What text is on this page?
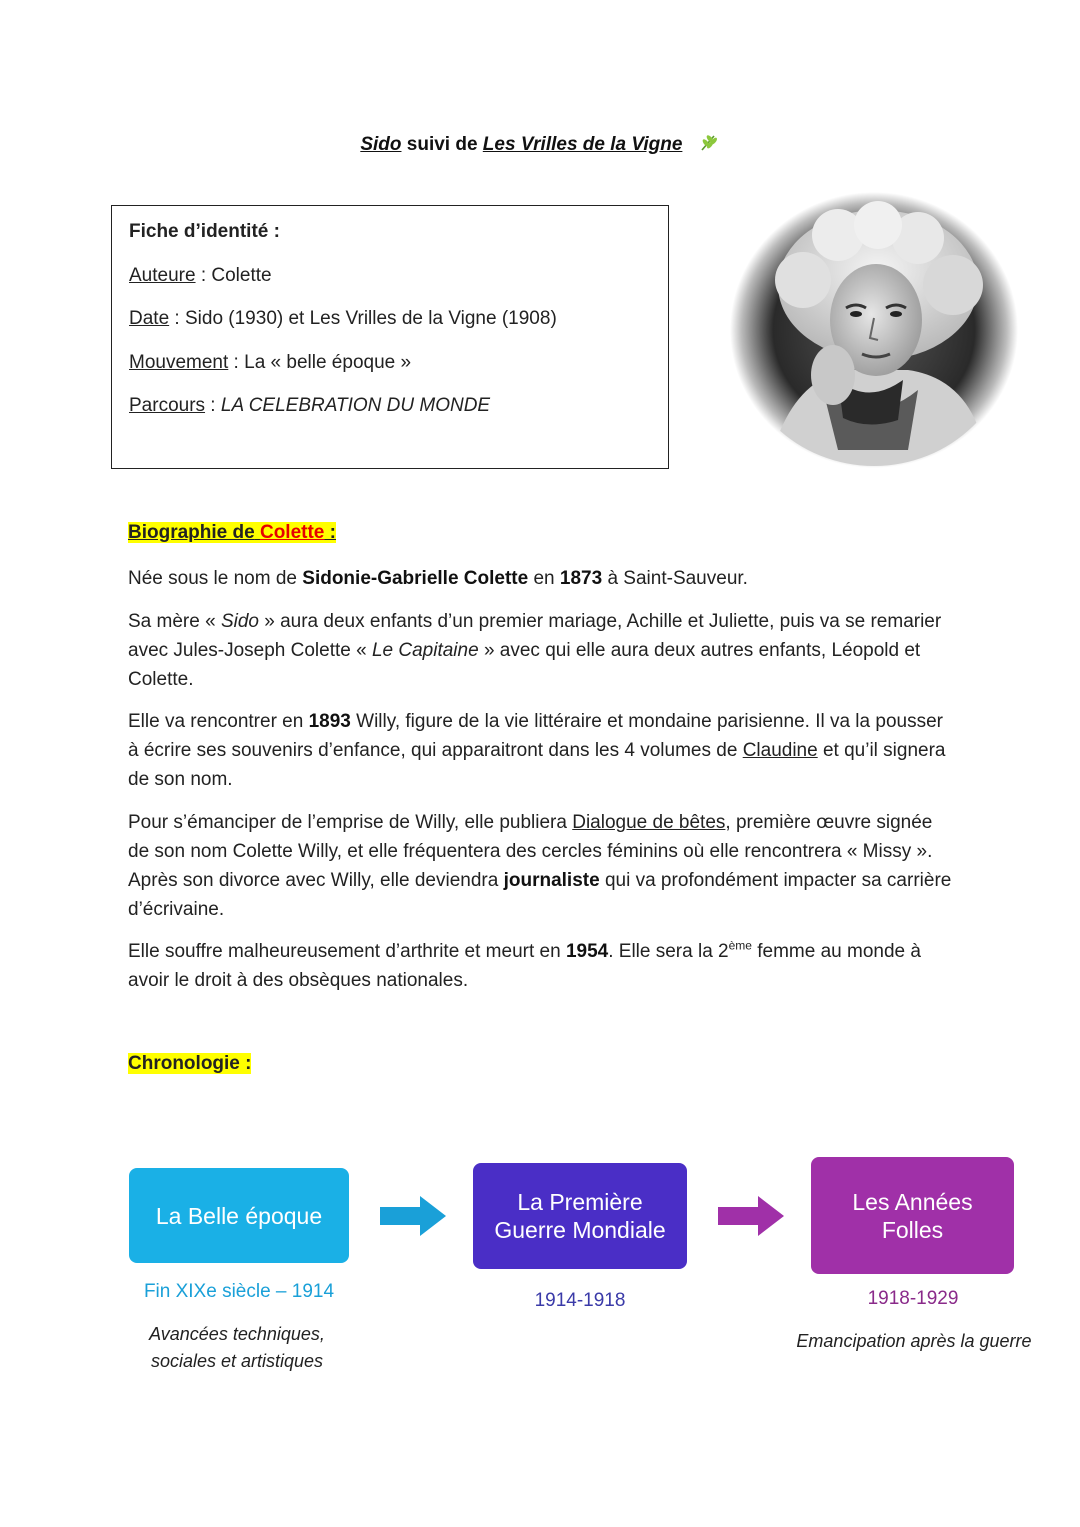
Sido suivi de Les Vrilles de la Vigne
Fiche d’identité :
Auteure : Colette
Date : Sido (1930) et Les Vrilles de la Vigne (1908)
Mouvement : La « belle époque »
Parcours : LA CELEBRATION DU MONDE
Biographie de Colette :

Née sous le nom de Sidonie-Gabrielle Colette en 1873 à Saint-Sauveur.

Sa mère « Sido » aura deux enfants d’un premier mariage, Achille et Juliette, puis va se remarier avec Jules-Joseph Colette « Le Capitaine » avec qui elle aura deux autres enfants, Léopold et Colette.

Elle va rencontrer en 1893 Willy, figure de la vie littéraire et mondaine parisienne. Il va la pousser à écrire ses souvenirs d’enfance, qui apparaitront dans les 4 volumes de Claudine et qu’il signera de son nom.

Pour s’émanciper de l’emprise de Willy, elle publiera Dialogue de bêtes, première œuvre signée de son nom Colette Willy, et elle fréquentera des cercles féminins où elle rencontrera « Missy ». Après son divorce avec Willy, elle deviendra journaliste qui va profondément impacter sa carrière d’écrivaine.

Elle souffre malheureusement d’arthrite et meurt en 1954. Elle sera la 2ème femme au monde à avoir le droit à des obsèques nationales.

Chronologie :
La Belle époque
La Première
Guerre Mondiale
Les Années
Folles
Fin XIXe siècle – 1914	1914-1918	1918-1929
Avancées techniques,
sociales et artistiques
Emancipation après la guerre
